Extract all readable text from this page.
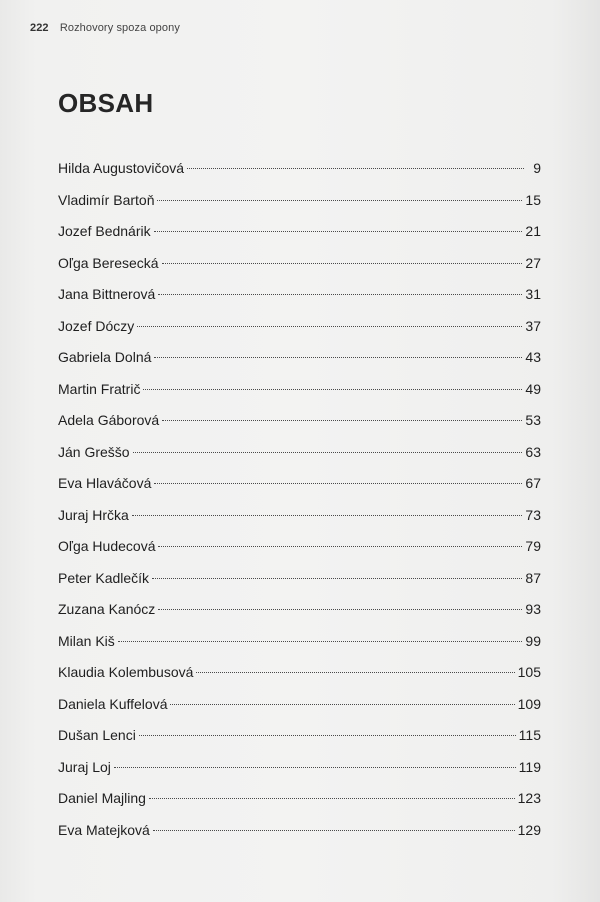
222 Rozhovory spoza opony
OBSAH
Hilda Augustovičová	9
Vladimír Bartoň	15
Jozef Bednárik	21
Oľga Beresecká	27
Jana Bittnerová	31
Jozef Dóczy	37
Gabriela Dolná	43
Martin Fratrič	49
Adela Gáborová	53
Ján Greššo	63
Eva Hlaváčová	67
Juraj Hrčka	73
Oľga Hudecová	79
Peter Kadlečík	87
Zuzana Kanócz	93
Milan Kiš	99
Klaudia Kolembusová	105
Daniela Kuffelová	109
Dušan Lenci	115
Juraj Loj	119
Daniel Majling	123
Eva Matejková	129
